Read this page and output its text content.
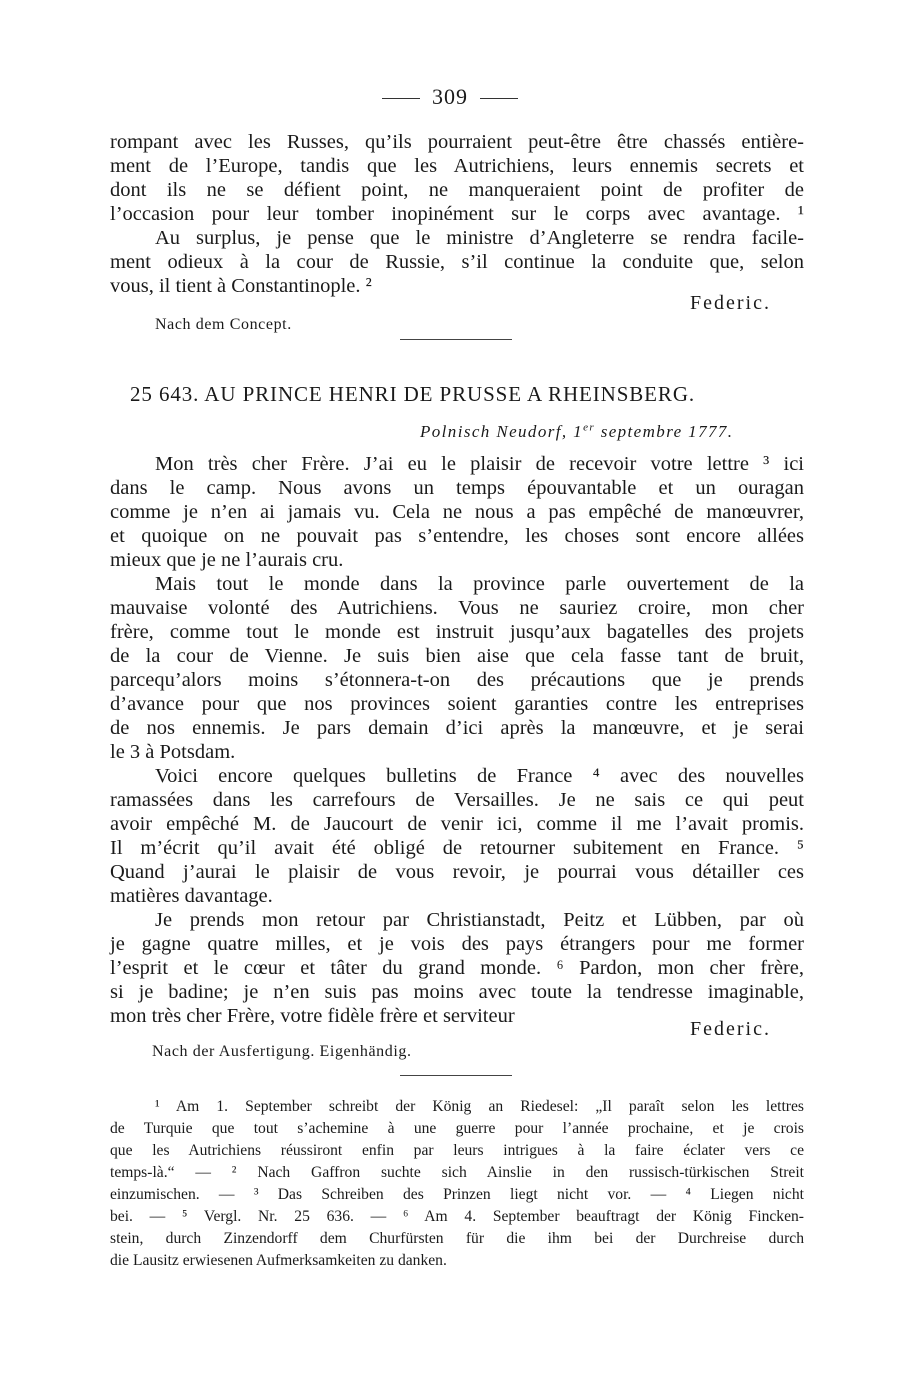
309
rompant avec les Russes, qu’ils pourraient peut-être être chassés entière-
ment de l’Europe, tandis que les Autrichiens, leurs ennemis secrets et
dont ils ne se défient point, ne manqueraient point de profiter de
l’occasion pour leur tomber inopinément sur le corps avec avantage. ¹
Au surplus, je pense que le ministre d’Angleterre se rendra facile-
ment odieux à la cour de Russie, s’il continue la conduite que, selon
vous, il tient à Constantinople. ²
Federic.
Nach dem Concept.
25 643. AU PRINCE HENRI DE PRUSSE A RHEINSBERG.
Polnisch Neudorf, 1er septembre 1777.
Mon très cher Frère. J’ai eu le plaisir de recevoir votre lettre ³ ici
dans le camp. Nous avons un temps épouvantable et un ouragan
comme je n’en ai jamais vu. Cela ne nous a pas empêché de manœuvrer,
et quoique on ne pouvait pas s’entendre, les choses sont encore allées
mieux que je ne l’aurais cru.
Mais tout le monde dans la province parle ouvertement de la
mauvaise volonté des Autrichiens. Vous ne sauriez croire, mon cher
frère, comme tout le monde est instruit jusqu’aux bagatelles des projets
de la cour de Vienne. Je suis bien aise que cela fasse tant de bruit,
parcequ’alors moins s’étonnera-t-on des précautions que je prends
d’avance pour que nos provinces soient garanties contre les entreprises
de nos ennemis. Je pars demain d’ici après la manœuvre, et je serai
le 3 à Potsdam.
Voici encore quelques bulletins de France ⁴ avec des nouvelles
ramassées dans les carrefours de Versailles. Je ne sais ce qui peut
avoir empêché M. de Jaucourt de venir ici, comme il me l’avait promis.
Il m’écrit qu’il avait été obligé de retourner subitement en France. ⁵
Quand j’aurai le plaisir de vous revoir, je pourrai vous détailler ces
matières davantage.
Je prends mon retour par Christianstadt, Peitz et Lübben, par où
je gagne quatre milles, et je vois des pays étrangers pour me former
l’esprit et le cœur et tâter du grand monde. ⁶ Pardon, mon cher frère,
si je badine; je n’en suis pas moins avec toute la tendresse imaginable,
mon très cher Frère, votre fidèle frère et serviteur
Federic.
Nach der Ausfertigung. Eigenhändig.
¹ Am 1. September schreibt der König an Riedesel: „Il paraît selon les lettres
de Turquie que tout s’achemine à une guerre pour l’année prochaine, et je crois
que les Autrichiens réussiront enfin par leurs intrigues à la faire éclater vers ce
temps-là.“ — ² Nach Gaffron suchte sich Ainslie in den russisch-türkischen Streit
einzumischen. — ³ Das Schreiben des Prinzen liegt nicht vor. — ⁴ Liegen nicht
bei. — ⁵ Vergl. Nr. 25 636. — ⁶ Am 4. September beauftragt der König Fincken-
stein, durch Zinzendorff dem Churfürsten für die ihm bei der Durchreise durch
die Lausitz erwiesenen Aufmerksamkeiten zu danken.
